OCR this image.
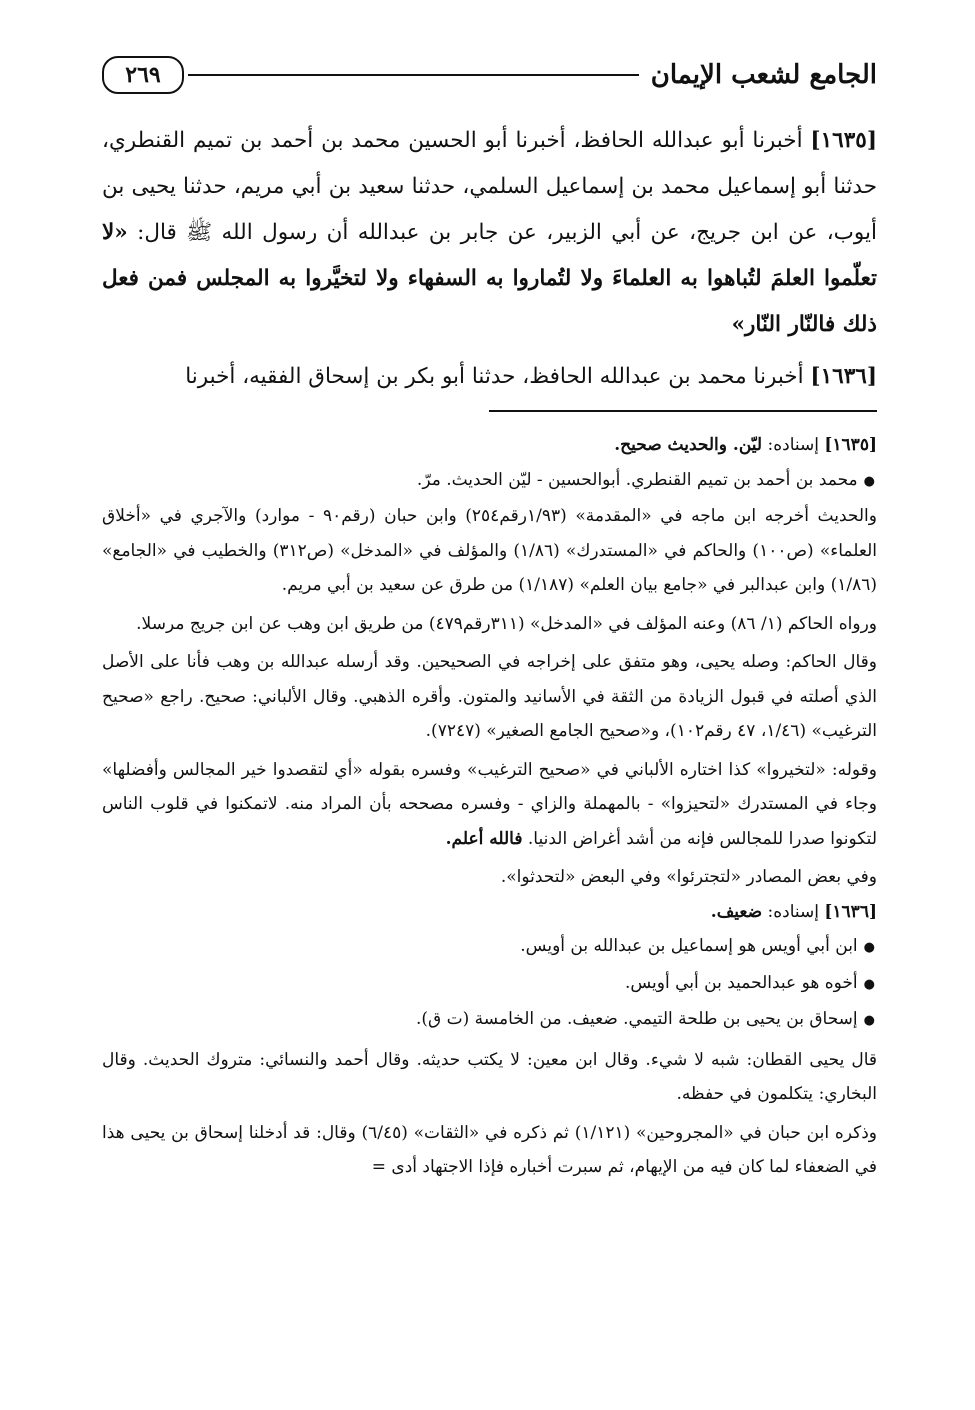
الجامع لشعب الإيمان
٢٦٩

[١٦٣٥] أخبرنا أبو عبدالله الحافظ، أخبرنا أبو الحسين محمد بن أحمد بن تميم القنطري، حدثنا أبو إسماعيل محمد بن إسماعيل السلمي، حدثنا سعيد بن أبي مريم، حدثنا يحيى بن أيوب، عن ابن جريج، عن أبي الزبير، عن جابر بن عبدالله أن رسول الله ﷺ قال: «لا تعلّموا العلمَ لتُباهوا به العلماءَ ولا لتُماروا به السفهاء ولا لتخيَّروا به المجلس فمن فعل ذلك فالنّار النّار»

[١٦٣٦] أخبرنا محمد بن عبدالله الحافظ، حدثنا أبو بكر بن إسحاق الفقيه، أخبرنا

[١٦٣٥] إسناده: ليّن. والحديث صحيح.

● محمد بن أحمد بن تميم القنطري. أبوالحسين - ليّن الحديث. مرّ.

والحديث أخرجه ابن ماجه في «المقدمة» (١/٩٣رقم٢٥٤) وابن حبان (رقم٩٠ - موارد) والآجري في «أخلاق العلماء» (ص١٠٠) والحاكم في «المستدرك» (١/٨٦) والمؤلف في «المدخل» (ص٣١٢) والخطيب في «الجامع» (١/٨٦) وابن عبدالبر في «جامع بيان العلم» (١/١٨٧) من طرق عن سعيد بن أبي مريم.

ورواه الحاكم (١/ ٨٦) وعنه المؤلف في «المدخل» (٣١١رقم٤٧٩) من طريق ابن وهب عن ابن جريج مرسلا.

وقال الحاكم: وصله يحيى، وهو متفق على إخراجه في الصحيحين. وقد أرسله عبدالله بن وهب فأنا على الأصل الذي أصلته في قبول الزيادة من الثقة في الأسانيد والمتون. وأقره الذهبي. وقال الألباني: صحيح. راجع «صحيح الترغيب» (١/٤٦، ٤٧ رقم١٠٢)، و«صحيح الجامع الصغير» (٧٢٤٧).

وقوله: «لتخيروا» كذا اختاره الألباني في «صحيح الترغيب» وفسره بقوله «أي لتقصدوا خير المجالس وأفضلها» وجاء في المستدرك «لتحيزوا» - بالمهملة والزاي - وفسره مصححه بأن المراد منه. لاتمكنوا في قلوب الناس لتكونوا صدرا للمجالس فإنه من أشد أغراض الدنيا. فالله أعلم.

وفي بعض المصادر «لتجترئوا» وفي البعض «لتحدثوا».

[١٦٣٦] إسناده: ضعيف.

● ابن أبي أويس هو إسماعيل بن عبدالله بن أويس.

● أخوه هو عبدالحميد بن أبي أويس.

● إسحاق بن يحيى بن طلحة التيمي. ضعيف. من الخامسة (ت ق).

قال يحيى القطان: شبه لا شيء. وقال ابن معين: لا يكتب حديثه. وقال أحمد والنسائي: متروك الحديث. وقال البخاري: يتكلمون في حفظه.

وذكره ابن حبان في «المجروحين» (١/١٢١) ثم ذكره في «الثقات» (٦/٤٥) وقال: قد أدخلنا إسحاق بن يحيى هذا في الضعفاء لما كان فيه من الإيهام، ثم سبرت أخباره فإذا الاجتهاد أدى =
